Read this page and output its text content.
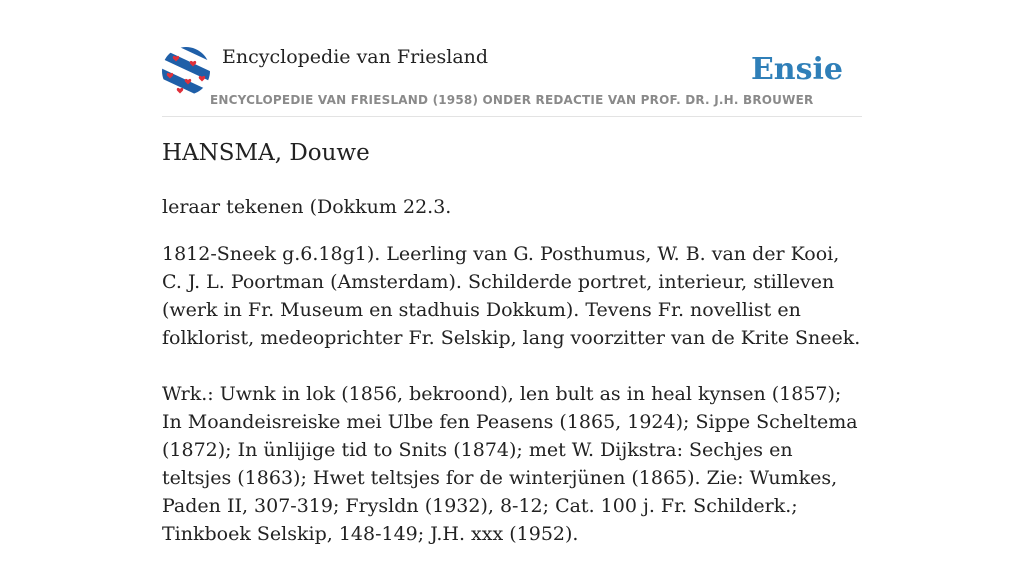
Encyclopedie van Friesland
ENCYCLOPEDIE VAN FRIESLAND (1958) ONDER REDACTIE VAN PROF. DR. J.H. BROUWER
Ensie
HANSMA, Douwe

leraar tekenen (Dokkum 22.3.

1812-Sneek g.6.18g1). Leerling van G. Posthumus, W. B. van der Kooi, C. J. L. Poortman (Amsterdam). Schilderde portret, interieur, stilleven (werk in Fr. Museum en stadhuis Dokkum). Tevens Fr. novellist en folklorist, medeoprichter Fr. Selskip, lang voorzitter van de Krite Sneek.

Wrk.: Uwnk in lok (1856, bekroond), len bult as in heal kynsen (1857); In Moandeisreiske mei Ulbe fen Peasens (1865, 1924); Sippe Scheltema (1872); In ünlijige tid to Snits (1874); met W. Dijkstra: Sechjes en teltsjes (1863); Hwet teltsjes for de winterjünen (1865). Zie: Wumkes, Paden II, 307-319; Frysldn (1932), 8-12; Cat. 100 j. Fr. Schilderk.; Tinkboek Selskip, 148-149; J.H. xxx (1952).
